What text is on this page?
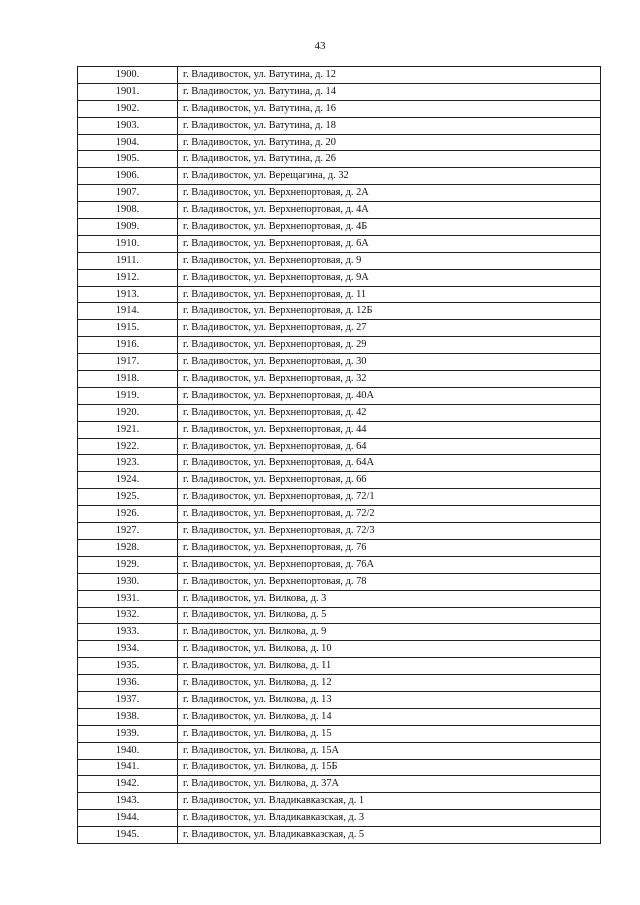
43
1900.	г. Владивосток, ул. Ватутина, д. 12
1901.	г. Владивосток, ул. Ватутина, д. 14
1902.	г. Владивосток, ул. Ватутина, д. 16
1903.	г. Владивосток, ул. Ватутина, д. 18
1904.	г. Владивосток, ул. Ватутина, д. 20
1905.	г. Владивосток, ул. Ватутина, д. 26
1906.	г. Владивосток, ул. Верещагина, д. 32
1907.	г. Владивосток, ул. Верхнепортовая, д. 2А
1908.	г. Владивосток, ул. Верхнепортовая, д. 4А
1909.	г. Владивосток, ул. Верхнепортовая, д. 4Б
1910.	г. Владивосток, ул. Верхнепортовая, д. 6А
1911.	г. Владивосток, ул. Верхнепортовая, д. 9
1912.	г. Владивосток, ул. Верхнепортовая, д. 9А
1913.	г. Владивосток, ул. Верхнепортовая, д. 11
1914.	г. Владивосток, ул. Верхнепортовая, д. 12Б
1915.	г. Владивосток, ул. Верхнепортовая, д. 27
1916.	г. Владивосток, ул. Верхнепортовая, д. 29
1917.	г. Владивосток, ул. Верхнепортовая, д. 30
1918.	г. Владивосток, ул. Верхнепортовая, д. 32
1919.	г. Владивосток, ул. Верхнепортовая, д. 40А
1920.	г. Владивосток, ул. Верхнепортовая, д. 42
1921.	г. Владивосток, ул. Верхнепортовая, д. 44
1922.	г. Владивосток, ул. Верхнепортовая, д. 64
1923.	г. Владивосток, ул. Верхнепортовая, д. 64А
1924.	г. Владивосток, ул. Верхнепортовая, д. 66
1925.	г. Владивосток, ул. Верхнепортовая, д. 72/1
1926.	г. Владивосток, ул. Верхнепортовая, д. 72/2
1927.	г. Владивосток, ул. Верхнепортовая, д. 72/3
1928.	г. Владивосток, ул. Верхнепортовая, д. 76
1929.	г. Владивосток, ул. Верхнепортовая, д. 76А
1930.	г. Владивосток, ул. Верхнепортовая, д. 78
1931.	г. Владивосток, ул. Вилкова, д. 3
1932.	г. Владивосток, ул. Вилкова, д. 5
1933.	г. Владивосток, ул. Вилкова, д. 9
1934.	г. Владивосток, ул. Вилкова, д. 10
1935.	г. Владивосток, ул. Вилкова, д. 11
1936.	г. Владивосток, ул. Вилкова, д. 12
1937.	г. Владивосток, ул. Вилкова, д. 13
1938.	г. Владивосток, ул. Вилкова, д. 14
1939.	г. Владивосток, ул. Вилкова, д. 15
1940.	г. Владивосток, ул. Вилкова, д. 15А
1941.	г. Владивосток, ул. Вилкова, д. 15Б
1942.	г. Владивосток, ул. Вилкова, д. 37А
1943.	г. Владивосток, ул. Владикавказская, д. 1
1944.	г. Владивосток, ул. Владикавказская, д. 3
1945.	г. Владивосток, ул. Владикавказская, д. 5
